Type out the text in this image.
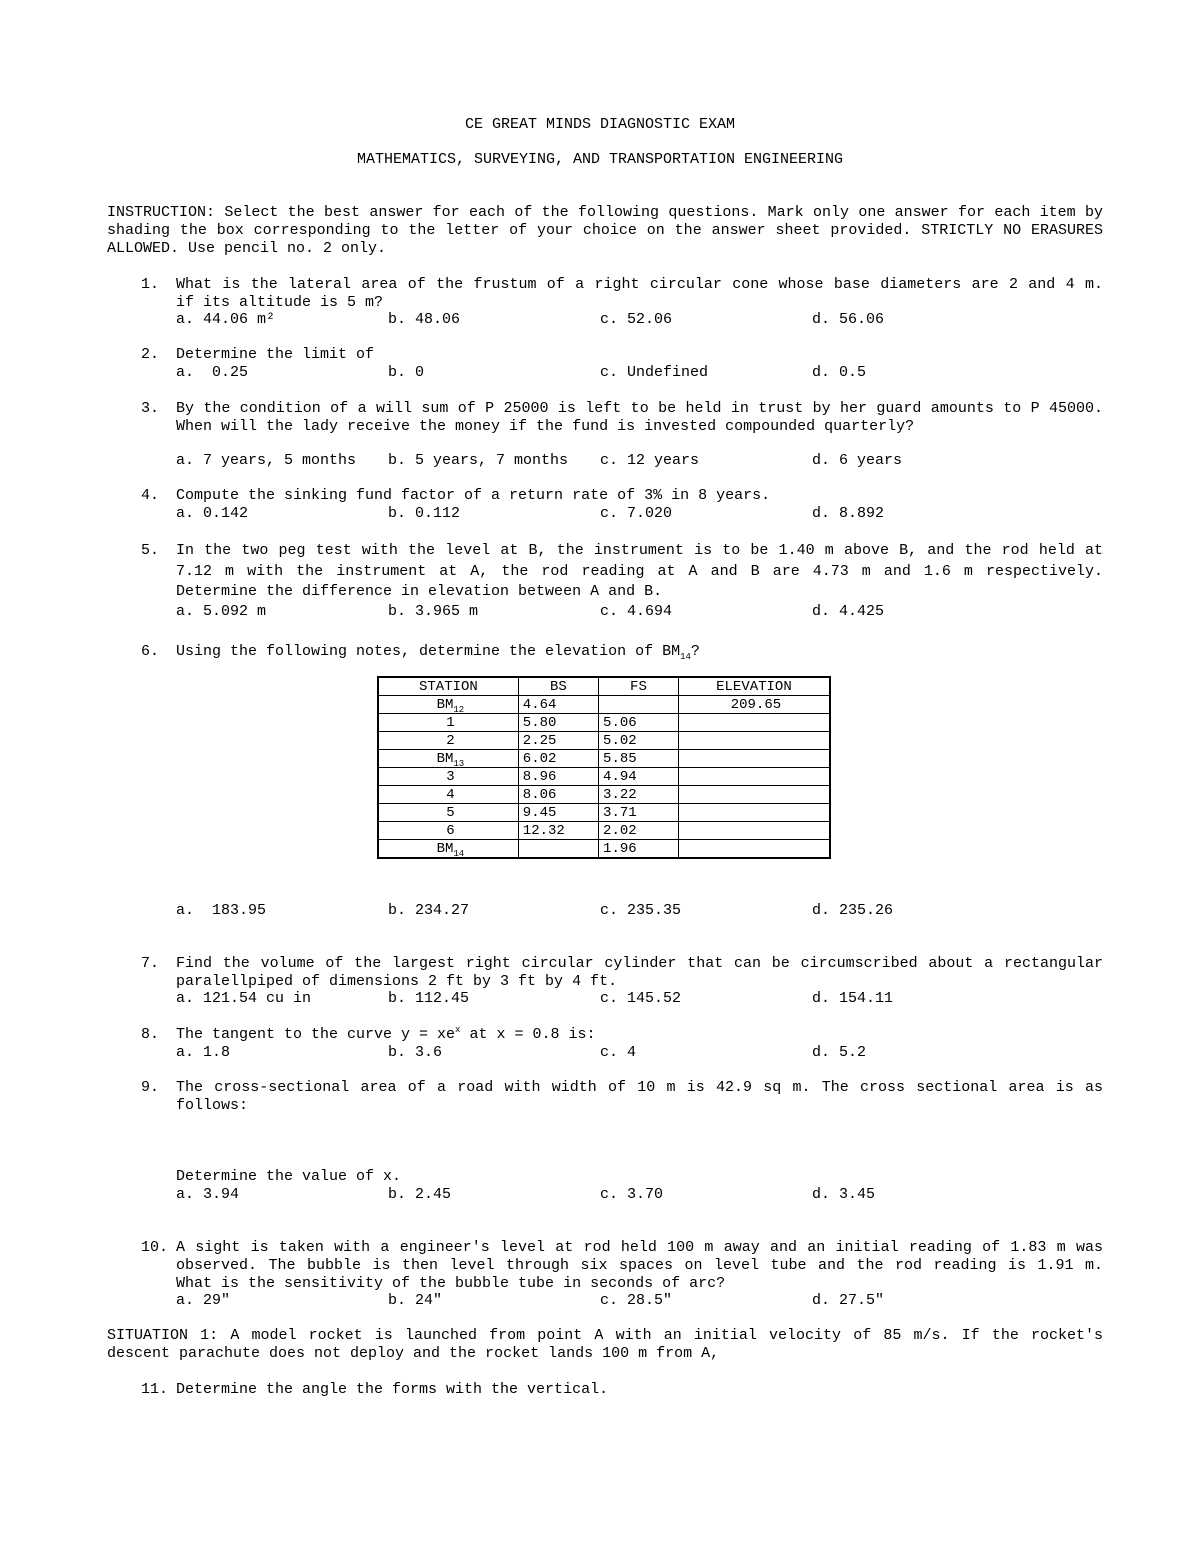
CE GREAT MINDS DIAGNOSTIC EXAM
MATHEMATICS, SURVEYING, AND TRANSPORTATION ENGINEERING
INSTRUCTION: Select the best answer for each of the following questions. Mark only one answer for each item by shading the box corresponding to the letter of your choice on the answer sheet provided. STRICTLY NO ERASURES ALLOWED. Use pencil no. 2 only.
1.	What is the lateral area of the frustum of a right circular cone whose base diameters are 2 and 4 m. if its altitude is 5 m?
a. 44.06 m²	b. 48.06	c. 52.06	d. 56.06
2.	Determine the limit of
a.  0.25	b. 0	c. Undefined	d. 0.5
3.	By the condition of a will sum of P 25000 is left to be held in trust by her guard amounts to P 45000. When will the lady receive the money if the fund is invested compounded quarterly?
a. 7 years, 5 months b. 5 years, 7 months c. 12 years	d. 6 years
4.	Compute the sinking fund factor of a return rate of 3% in 8 years.
a. 0.142	b. 0.112	c. 7.020	d. 8.892
5.	In the two peg test with the level at B, the instrument is to be 1.40 m above B, and the rod held at 7.12 m with the instrument at A, the rod reading at A and B are 4.73 m and 1.6 m respectively. Determine the difference in elevation between A and B.
a. 5.092 m	b. 3.965 m	c. 4.694	d. 4.425
6.	Using the following notes, determine the elevation of $BM_{14}$?
STATION	BS	FS	ELEVATION
$BM_{12}$	4.64		209.65
1	5.80	5.06	
2	2.25	5.02	
$BM_{13}$	6.02	5.85	
3	8.96	4.94	
4	8.06	3.22	
5	9.45	3.71	
6	12.32	2.02	
$BM_{14}$		1.96	
a.  183.95	b. 234.27	c. 235.35	d. 235.26
7.	Find the volume of the largest right circular cylinder that can be circumscribed about a rectangular paralellpiped of dimensions 2 ft by 3 ft by 4 ft.
a. 121.54 cu in	b. 112.45	c. 145.52	d. 154.11
8.	The tangent to the curve $y = xe^x$ at x = 0.8 is:
a. 1.8	b. 3.6	c. 4	d. 5.2
9.	The cross-sectional area of a road with width of 10 m is 42.9 sq m. The cross sectional area is as follows:
Determine the value of x.
a. 3.94	b. 2.45	c. 3.70	d. 3.45
10. A sight is taken with a engineer's level at rod held 100 m away and an initial reading of 1.83 m was observed. The bubble is then level through six spaces on level tube and the rod reading is 1.91 m. What is the sensitivity of the bubble tube in seconds of arc?
a. 29"	b. 24"	c. 28.5"	d. 27.5"
SITUATION 1: A model rocket is launched from point A with an initial velocity of 85 m/s. If the rocket's descent parachute does not deploy and the rocket lands 100 m from A,
11. Determine the angle the forms with the vertical.
